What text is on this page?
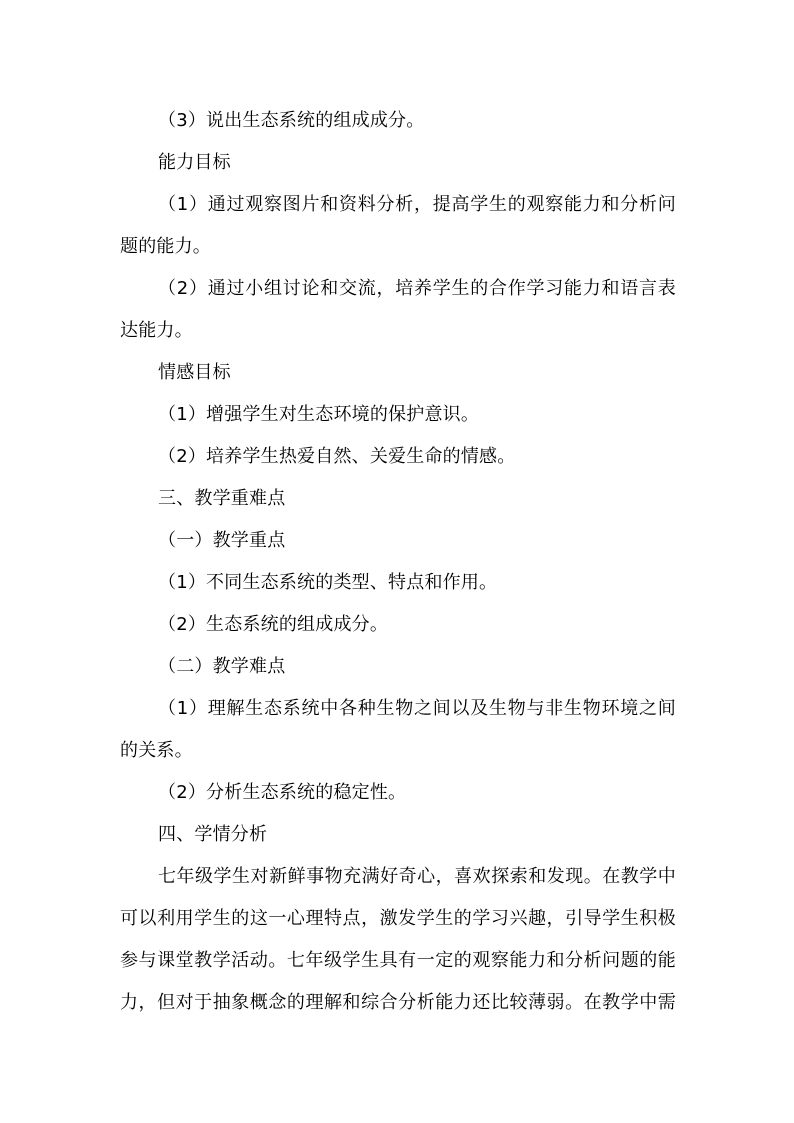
（3）说出生态系统的组成成分。
能力目标
（1）通过观察图片和资料分析，提高学生的观察能力和分析问
题的能力。
（2）通过小组讨论和交流，培养学生的合作学习能力和语言表
达能力。
情感目标
（1）增强学生对生态环境的保护意识。
（2）培养学生热爱自然、关爱生命的情感。
三、教学重难点
（一）教学重点
（1）不同生态系统的类型、特点和作用。
（2）生态系统的组成成分。
（二）教学难点
（1）理解生态系统中各种生物之间以及生物与非生物环境之间
的关系。
（2）分析生态系统的稳定性。
四、学情分析
七年级学生对新鲜事物充满好奇心，喜欢探索和发现。在教学中
可以利用学生的这一心理特点，激发学生的学习兴趣，引导学生积极
参与课堂教学活动。七年级学生具有一定的观察能力和分析问题的能
力，但对于抽象概念的理解和综合分析能力还比较薄弱。在教学中需
